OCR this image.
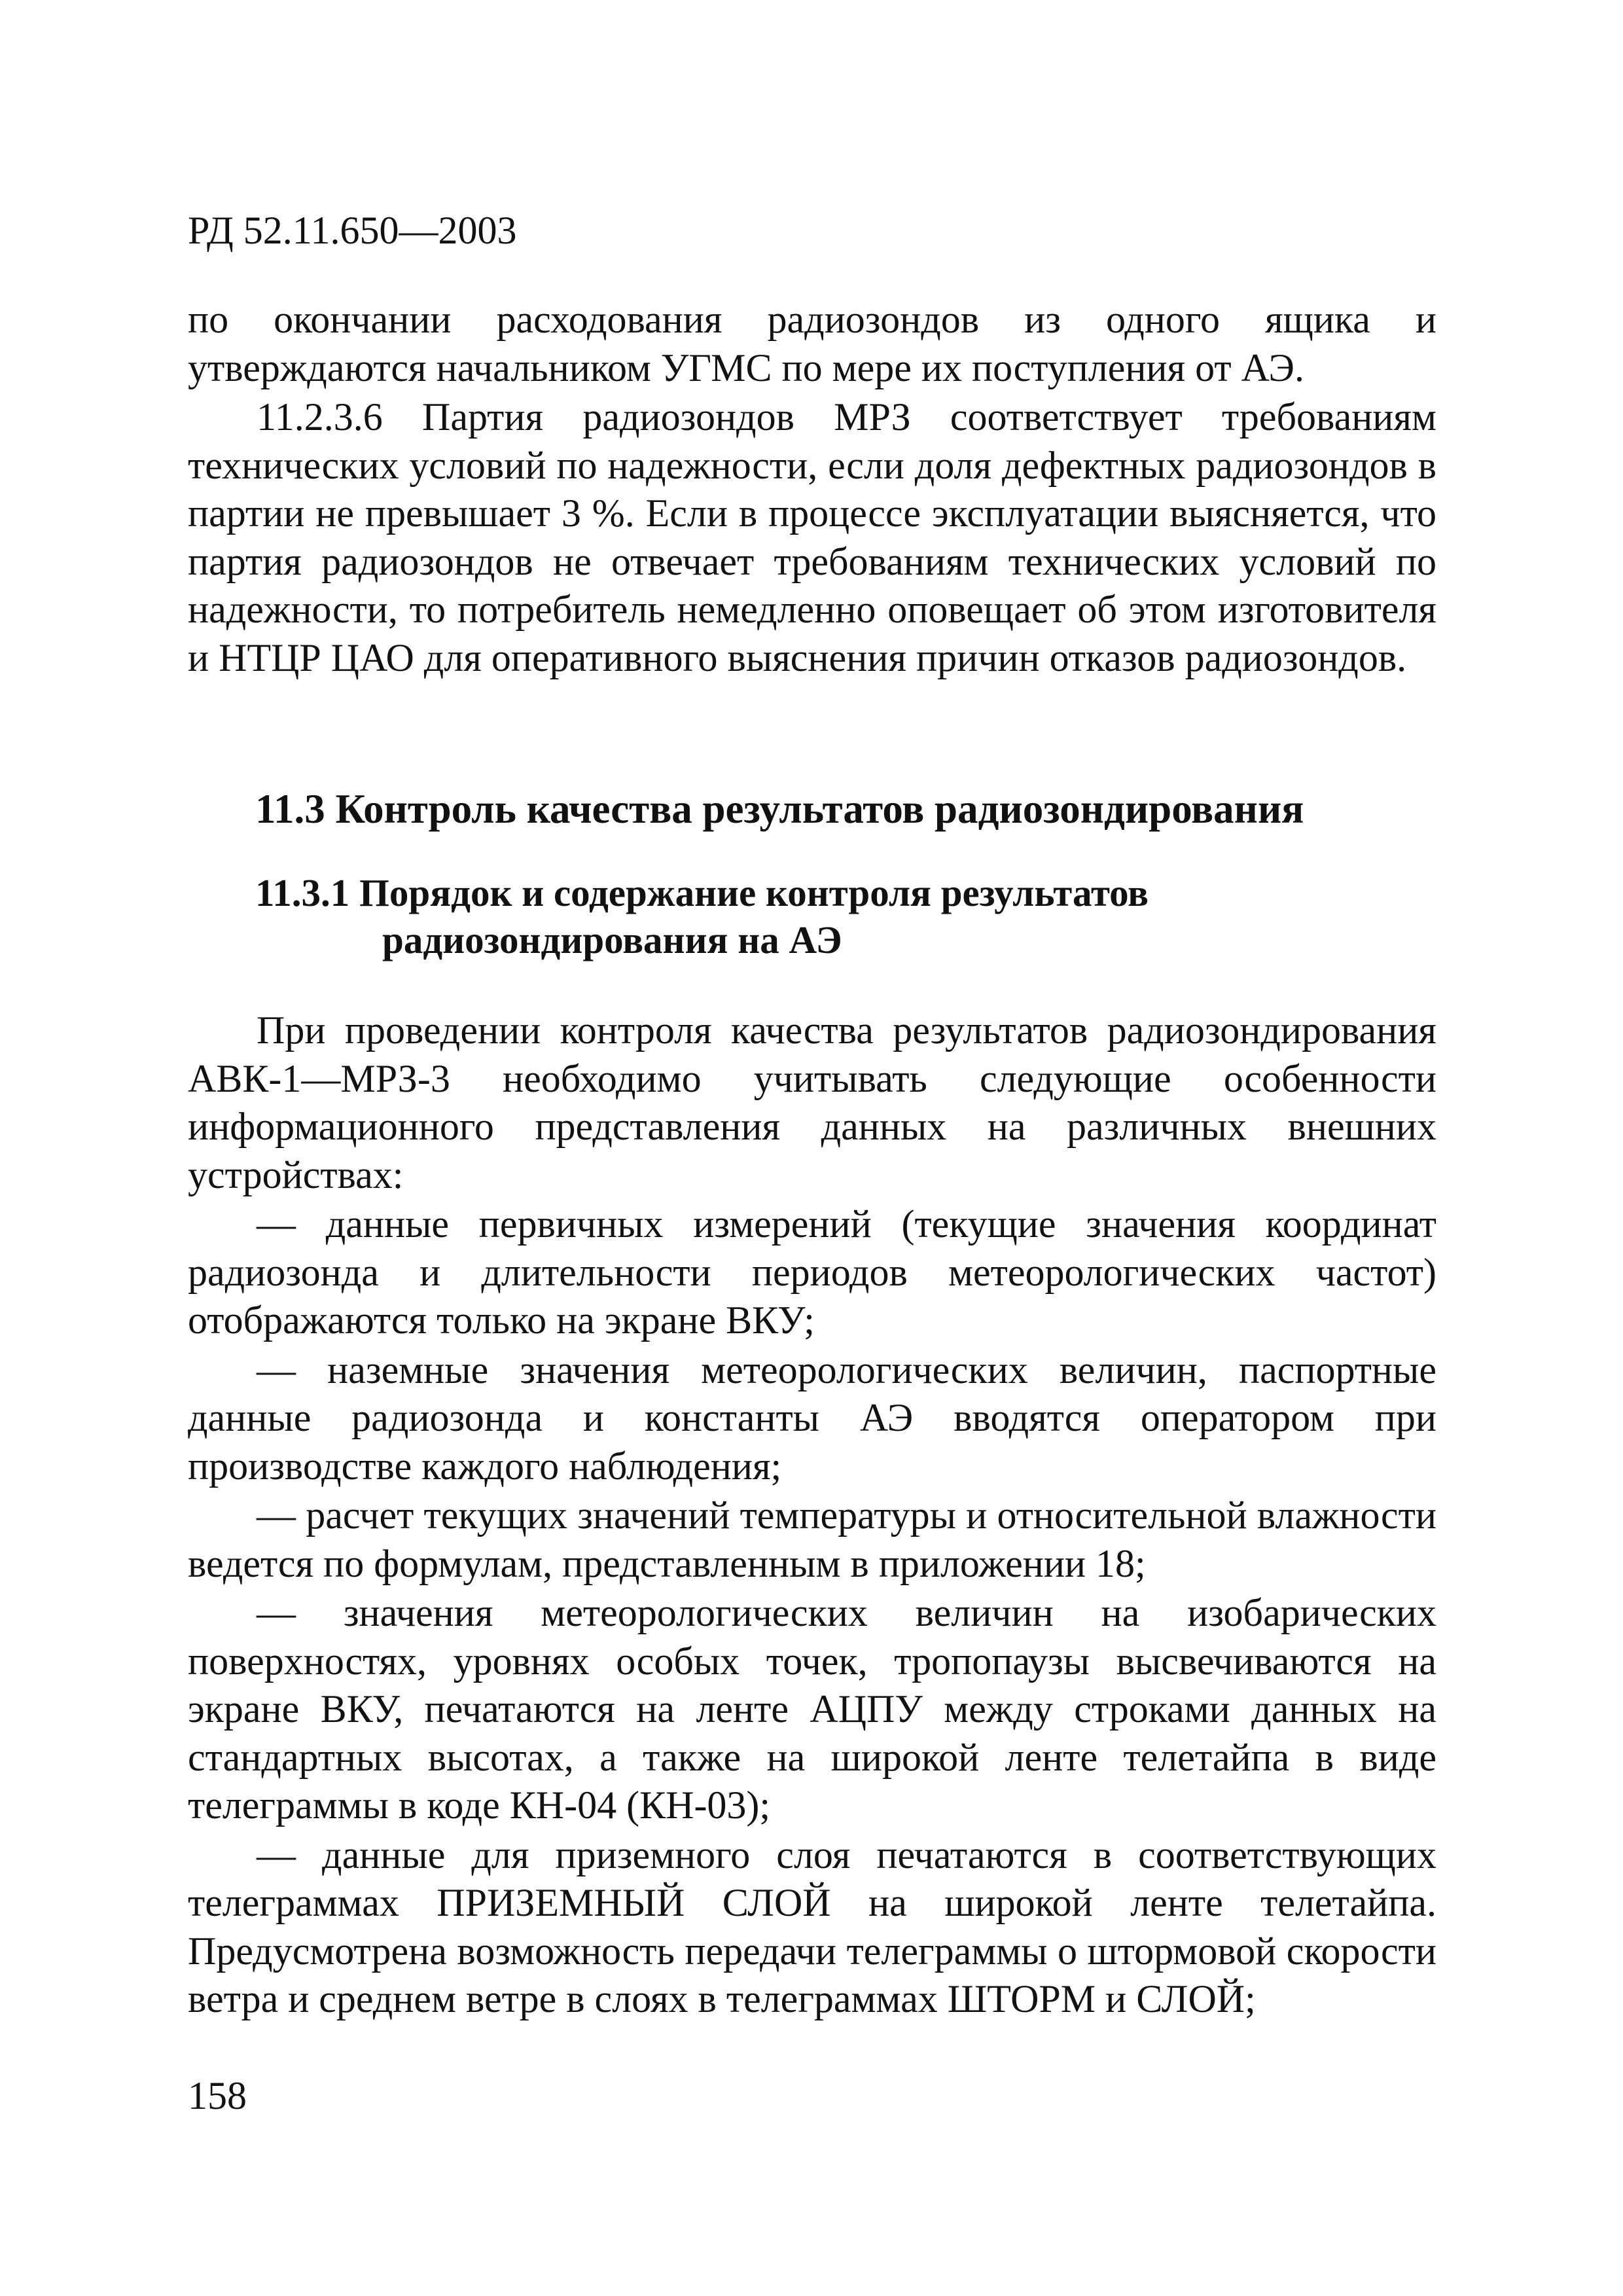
РД 52.11.650—2003

по окончании расходования радиозондов из одного ящика и утверждаются начальником УГМС по мере их поступления от АЭ.

11.2.3.6 Партия радиозондов МРЗ соответствует требованиям технических условий по надежности, если доля дефектных радиозондов в партии не превышает 3 %. Если в процессе эксплуатации выясняется, что партия радиозондов не отвечает требованиям технических условий по надежности, то потребитель немедленно оповещает об этом изготовителя и НТЦР ЦАО для оперативного выяснения причин отказов радиозондов.

11.3 Контроль качества результатов радиозондирования
11.3.1 Порядок и содержание контроля результатов
радиозондирования на АЭ

При проведении контроля качества результатов радиозондирования АВК-1—МРЗ-3 необходимо учитывать следующие особенности информационного представления данных на различных внешних устройствах:

— данные первичных измерений (текущие значения координат радиозонда и длительности периодов метеорологических частот) отображаются только на экране ВКУ;

— наземные значения метеорологических величин, паспортные данные радиозонда и константы АЭ вводятся оператором при производстве каждого наблюдения;

— расчет текущих значений температуры и относительной влажности ведется по формулам, представленным в приложении 18;

— значения метеорологических величин на изобарических поверхностях, уровнях особых точек, тропопаузы высвечиваются на экране ВКУ, печатаются на ленте АЦПУ между строками данных на стандартных высотах, а также на широкой ленте телетайпа в виде телеграммы в коде КН-04 (КН-03);

— данные для приземного слоя печатаются в соответствующих телеграммах ПРИЗЕМНЫЙ СЛОЙ на широкой ленте телетайпа. Предусмотрена возможность передачи телеграммы о штормовой скорости ветра и среднем ветре в слоях в телеграммах ШТОРМ и СЛОЙ;

158
